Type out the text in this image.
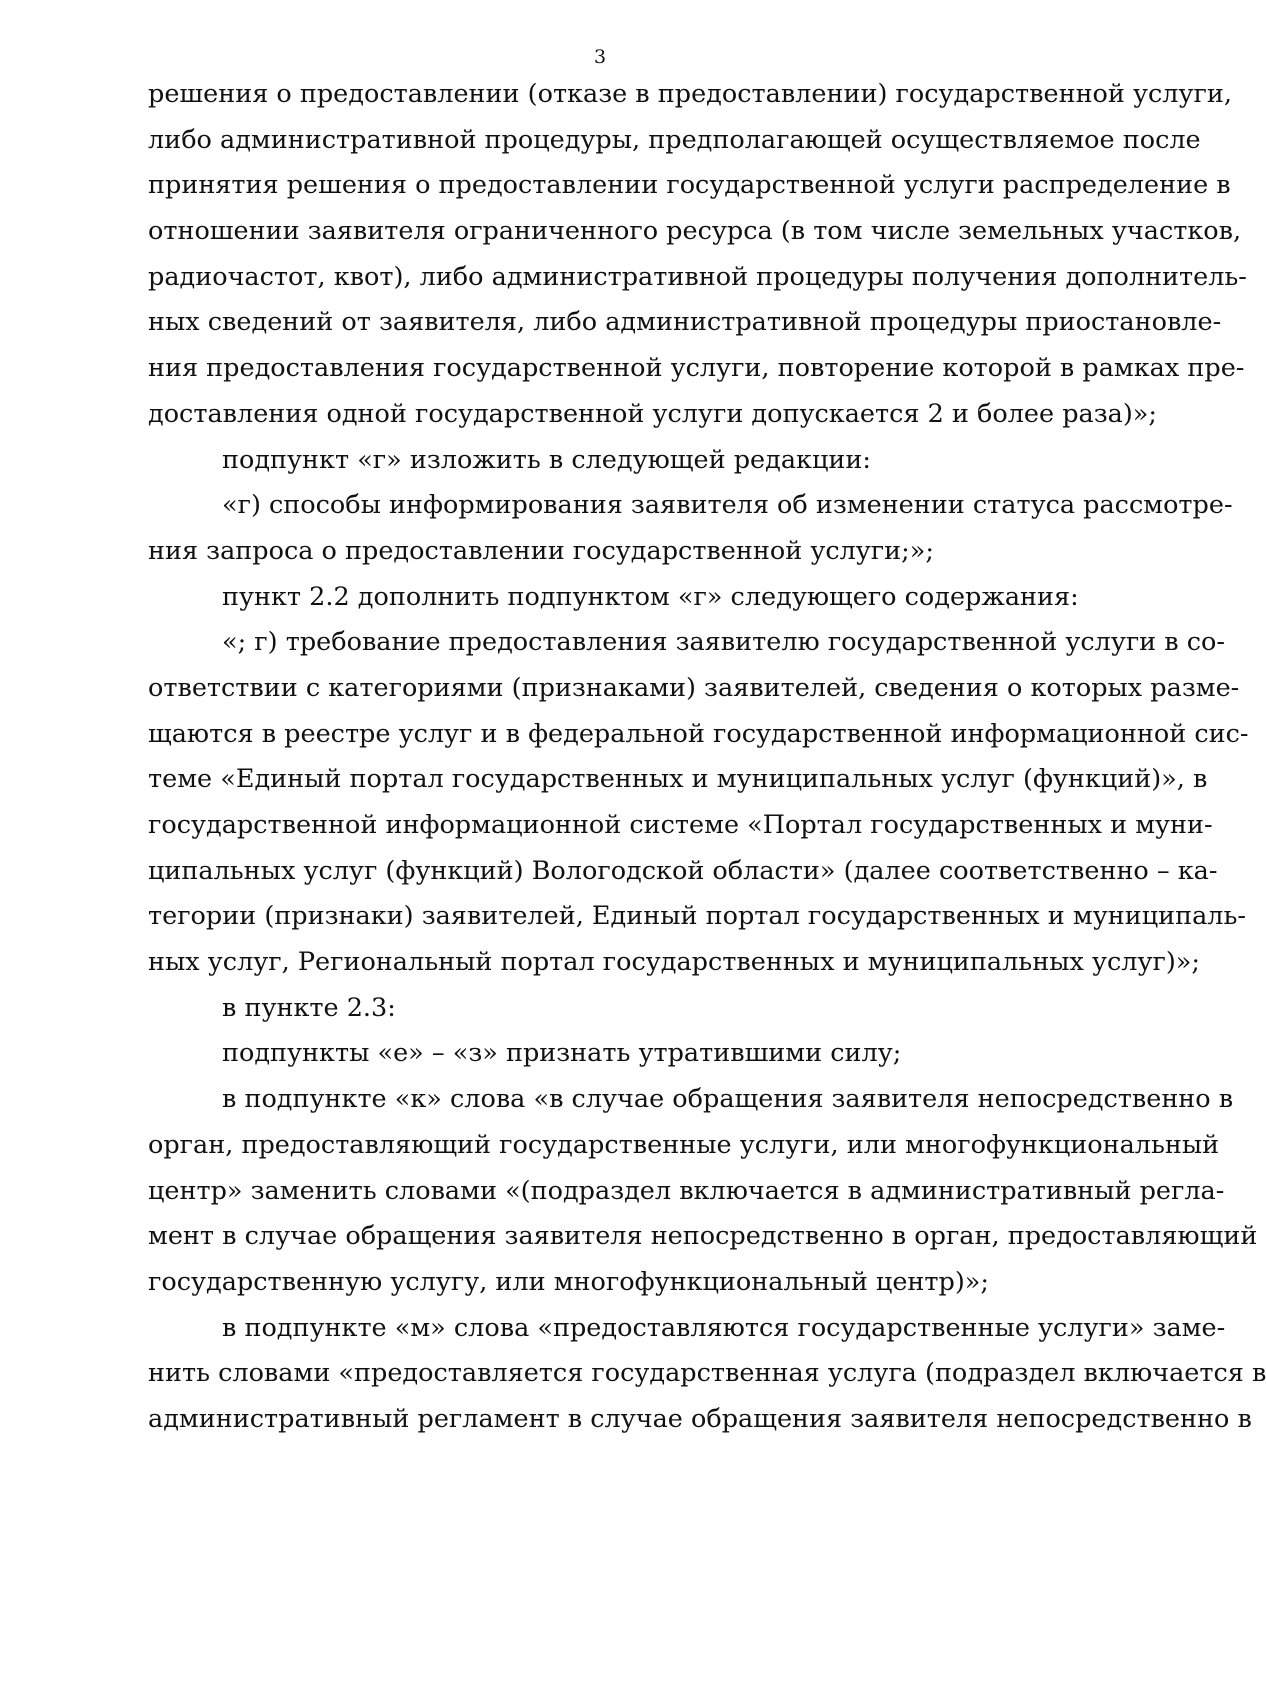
3
решения о предоставлении (отказе в предоставлении) государственной услуги,
либо административной процедуры, предполагающей осуществляемое после
принятия решения о предоставлении государственной услуги распределение в
отношении заявителя ограниченного ресурса (в том числе земельных участков,
радиочастот, квот), либо административной процедуры получения дополнитель-
ных сведений от заявителя, либо административной процедуры приостановле-
ния предоставления государственной услуги, повторение которой в рамках пре-
доставления одной государственной услуги допускается 2 и более раза)»;
подпункт «г» изложить в следующей редакции:
«г) способы информирования заявителя об изменении статуса рассмотре-
ния запроса о предоставлении государственной услуги;»;
пункт 2.2 дополнить подпунктом «г» следующего содержания:
«; г) требование предоставления заявителю государственной услуги в со-
ответствии с категориями (признаками) заявителей, сведения о которых разме-
щаются в реестре услуг и в федеральной государственной информационной сис-
теме «Единый портал государственных и муниципальных услуг (функций)», в
государственной информационной системе «Портал государственных и муни-
ципальных услуг (функций) Вологодской области» (далее соответственно – ка-
тегории (признаки) заявителей, Единый портал государственных и муниципаль-
ных услуг, Региональный портал государственных и муниципальных услуг)»;
в пункте 2.3:
подпункты «е» – «з» признать утратившими силу;
в подпункте «к» слова «в случае обращения заявителя непосредственно в
орган, предоставляющий государственные услуги, или многофункциональный
центр» заменить словами «(подраздел включается в административный регла-
мент в случае обращения заявителя непосредственно в орган, предоставляющий
государственную услугу, или многофункциональный центр)»;
в подпункте «м» слова «предоставляются государственные услуги» заме-
нить словами «предоставляется государственная услуга (подраздел включается в
административный регламент в случае обращения заявителя непосредственно в
